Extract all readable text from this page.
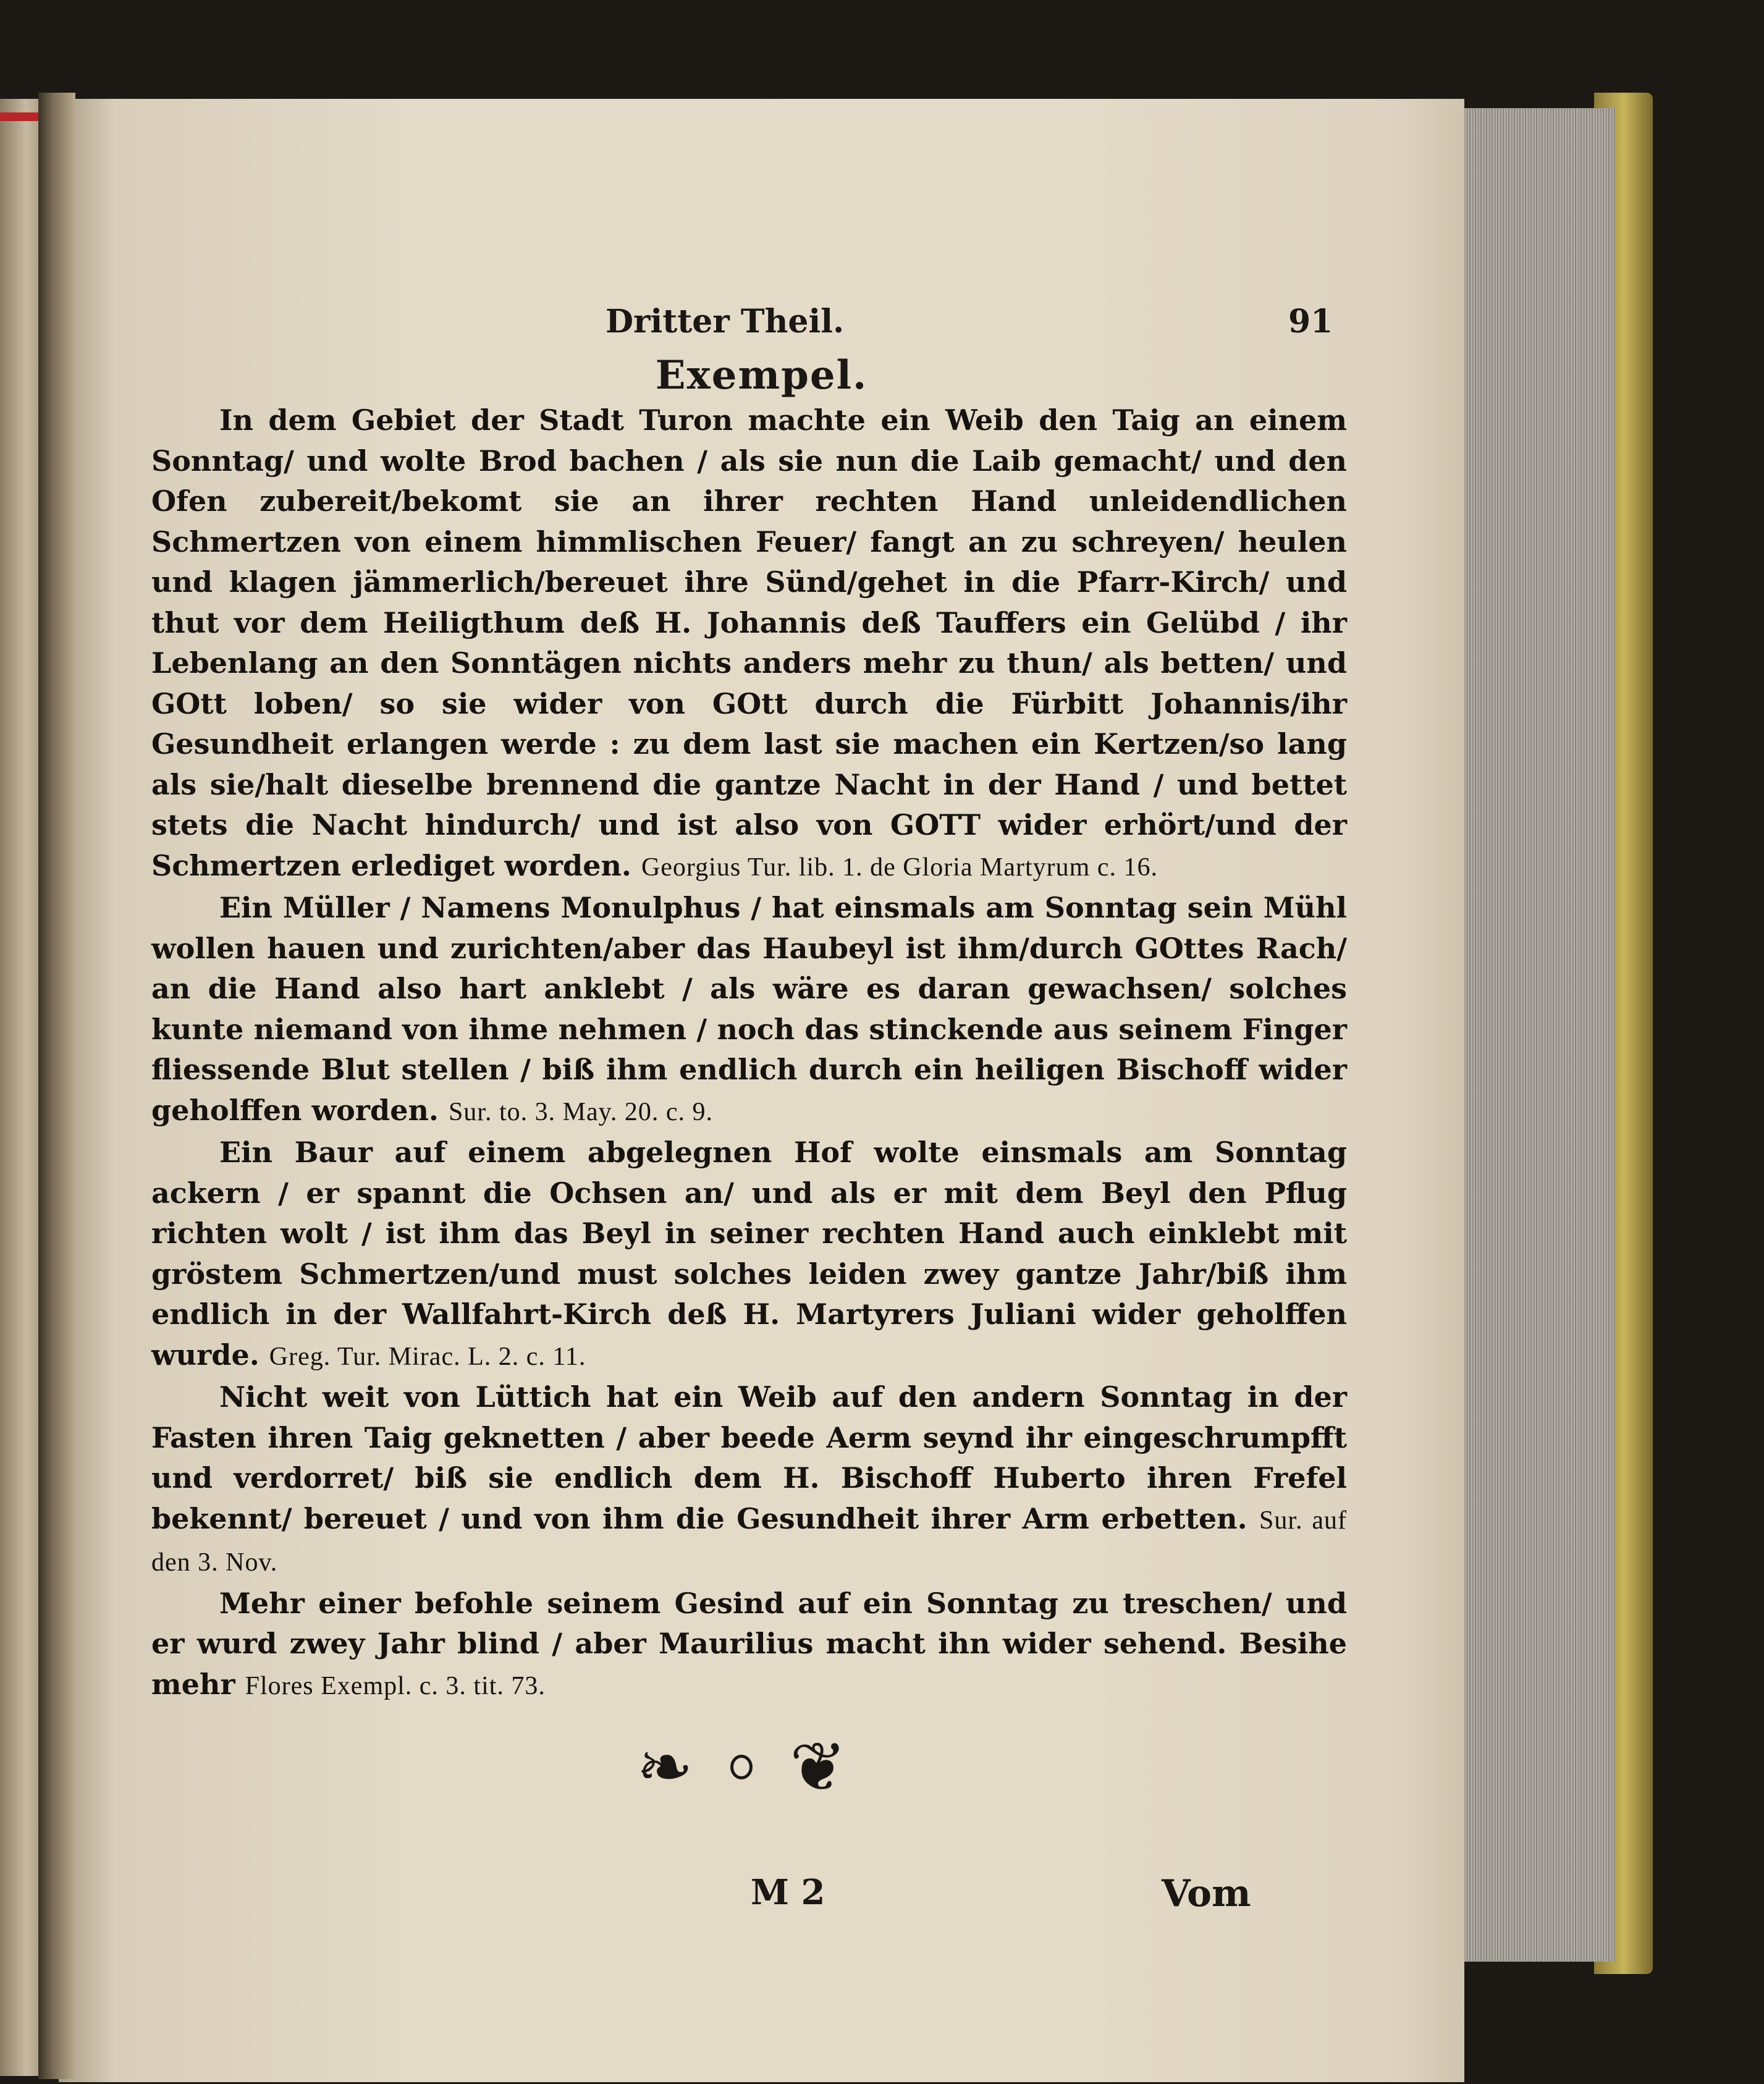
Dritter Theil.	91
Exempel.

In dem Gebiet der Stadt Turon machte ein Weib den Taig an einem Sonntag/ und wolte Brod bachen / als sie nun die Laib gemacht/ und den Ofen zubereit/bekomt sie an ihrer rechten Hand unleidendlichen Schmertzen von einem himmlischen Feuer/ fangt an zu schreyen/ heulen und klagen jämmerlich/bereuet ihre Sünd/gehet in die Pfarr-Kirch/ und thut vor dem Heiligthum deß H. Johannis deß Tauffers ein Gelübd / ihr Lebenlang an den Sonntägen nichts anders mehr zu thun/ als betten/ und GOtt loben/ so sie wider von GOtt durch die Fürbitt Johannis/ihr Gesundheit erlangen werde : zu dem last sie machen ein Kertzen/so lang als sie/halt dieselbe brennend die gantze Nacht in der Hand / und bettet stets die Nacht hindurch/ und ist also von GOTT wider erhört/und der Schmertzen erlediget worden. Georgius Tur. lib. 1. de Gloria Martyrum c. 16.

Ein Müller / Namens Monulphus / hat einsmals am Sonntag sein Mühl wollen hauen und zurichten/aber das Haubeyl ist ihm/durch GOttes Rach/ an die Hand also hart anklebt / als wäre es daran gewachsen/ solches kunte niemand von ihme nehmen / noch das stinckende aus seinem Finger fliessende Blut stellen / biß ihm endlich durch ein heiligen Bischoff wider geholffen worden. Sur. to. 3. May. 20. c. 9.

Ein Baur auf einem abgelegnen Hof wolte einsmals am Sonntag ackern / er spannt die Ochsen an/ und als er mit dem Beyl den Pflug richten wolt / ist ihm das Beyl in seiner rechten Hand auch einklebt mit gröstem Schmertzen/und must solches leiden zwey gantze Jahr/biß ihm endlich in der Wallfahrt-Kirch deß H. Martyrers Juliani wider geholffen wurde. Greg. Tur. Mirac. L. 2. c. 11.

Nicht weit von Lüttich hat ein Weib auf den andern Sonntag in der Fasten ihren Taig geknetten / aber beede Aerm seynd ihr eingeschrumpfft und verdorret/ biß sie endlich dem H. Bischoff Huberto ihren Frefel bekennt/ bereuet / und von ihm die Gesundheit ihrer Arm erbetten. Sur. auf den 3. Nov.

Mehr einer befohle seinem Gesind auf ein Sonntag zu treschen/ und er wurd zwey Jahr blind / aber Maurilius macht ihn wider sehend. Besihe mehr Flores Exempl. c. 3. tit. 73.

❧ ❦
M 2	Vom
